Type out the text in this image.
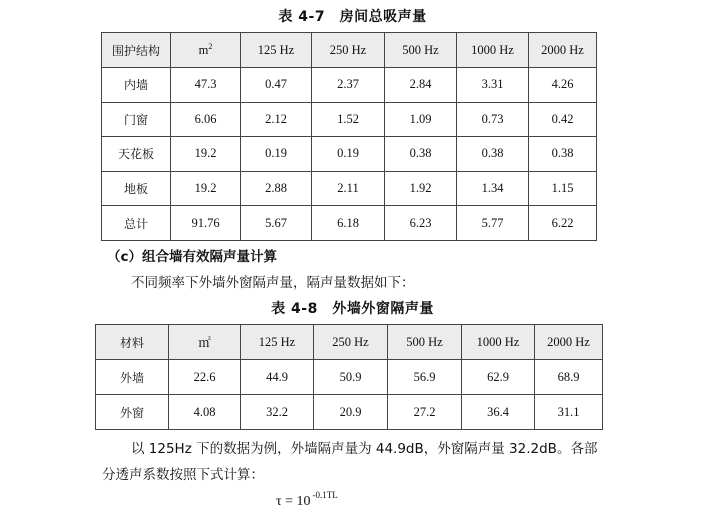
表 4-7　房间总吸声量
围护结构	$m^2$	125 Hz	250 Hz	500 Hz	1000 Hz	2000 Hz
内墙	47.3	0.47	2.37	2.84	3.31	4.26
门窗	6.06	2.12	1.52	1.09	0.73	0.42
天花板	19.2	0.19	0.19	0.38	0.38	0.38
地板	19.2	2.88	2.11	1.92	1.34	1.15
总计	91.76	5.67	6.18	6.23	5.77	6.22
（c）组合墙有效隔声量计算
不同频率下外墙外窗隔声量，隔声量数据如下：
表 4-8　外墙外窗隔声量
材料	㎡	125 Hz	250 Hz	500 Hz	1000 Hz	2000 Hz
外墙	22.6	44.9	50.9	56.9	62.9	68.9
外窗	4.08	32.2	20.9	27.2	36.4	31.1
以 125Hz 下的数据为例，外墙隔声量为 44.9dB，外窗隔声量 32.2dB。各部
分透声系数按照下式计算：
τ = 10 $^{-0.1TL}$
